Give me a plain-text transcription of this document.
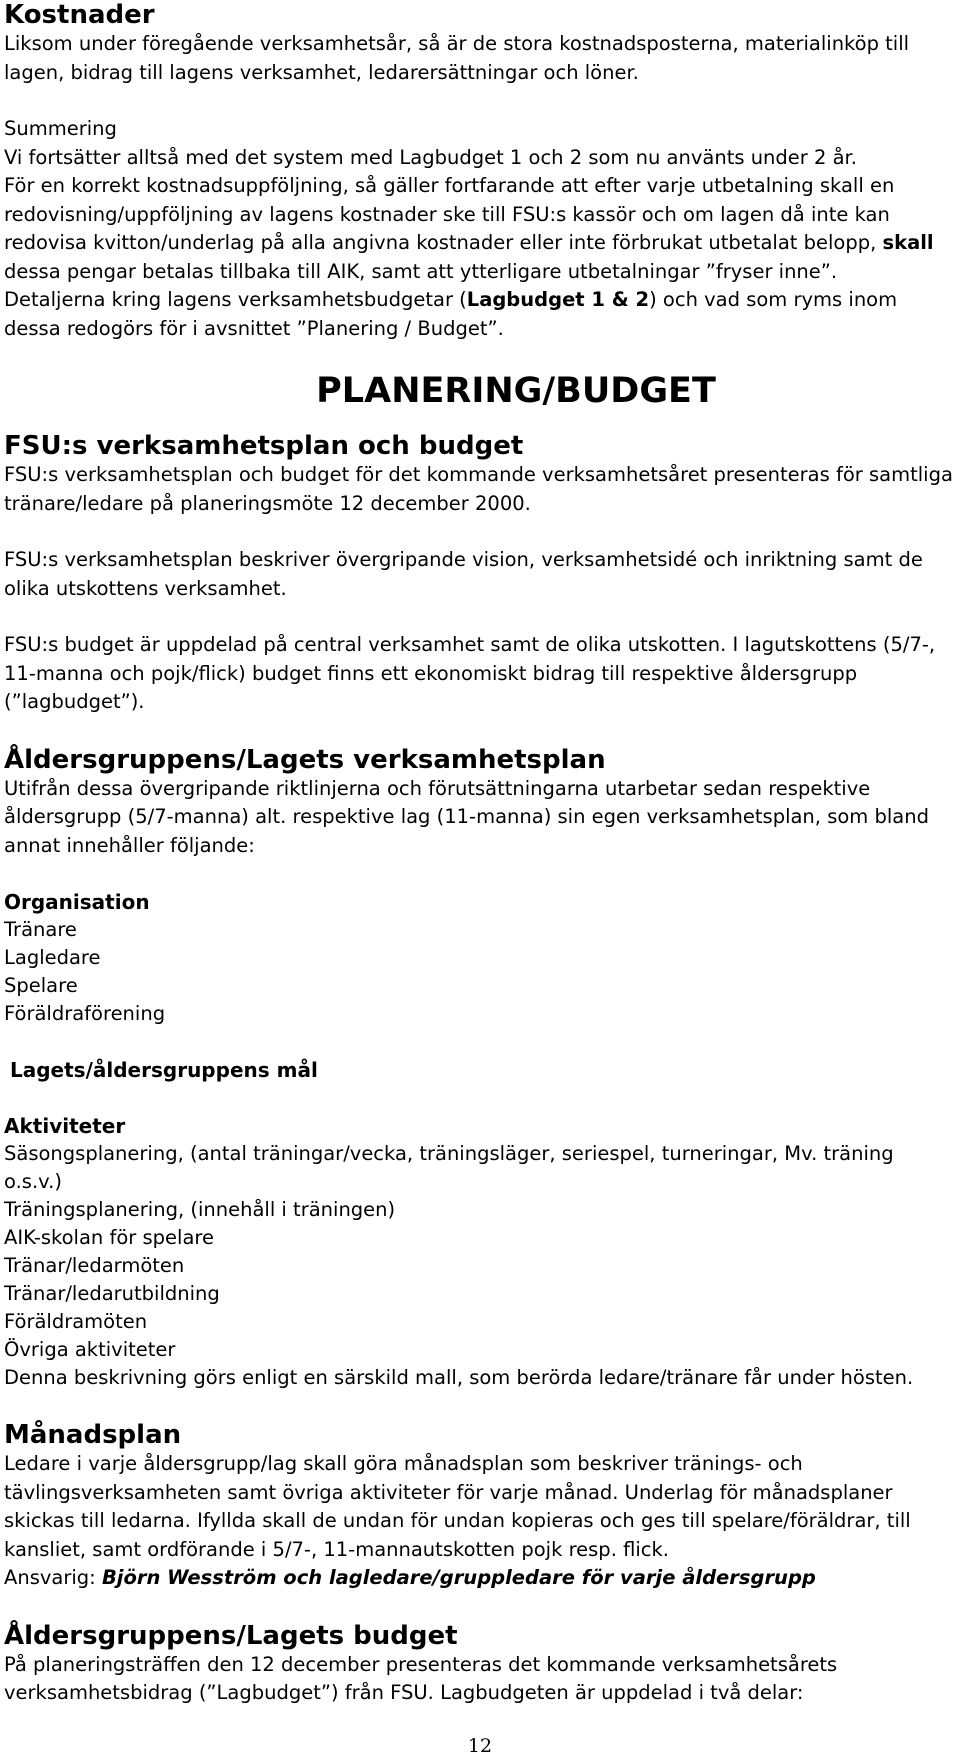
Kostnader

Liksom under föregående verksamhetsår, så är de stora kostnadsposterna, materialinköp till lagen, bidrag till lagens verksamhet, ledarersättningar och löner.

Summering

Vi fortsätter alltså med det system med Lagbudget 1 och 2 som nu använts under 2 år.

För en korrekt kostnadsuppföljning, så gäller fortfarande att efter varje utbetalning skall en redovisning/uppföljning av lagens kostnader ske till FSU:s kassör och om lagen då inte kan redovisa kvitton/underlag på alla angivna kostnader eller inte förbrukat utbetalat belopp, skall dessa pengar betalas tillbaka till AIK, samt att ytterligare utbetalningar ”fryser inne”.

Detaljerna kring lagens verksamhetsbudgetar (Lagbudget 1 & 2) och vad som ryms inom dessa redogörs för i avsnittet ”Planering / Budget”.

PLANERING/BUDGET
FSU:s verksamhetsplan och budget

FSU:s verksamhetsplan och budget för det kommande verksamhetsåret presenteras för samtliga tränare/ledare på planeringsmöte 12 december 2000.

FSU:s verksamhetsplan beskriver övergripande vision, verksamhetsidé och inriktning samt de olika utskottens verksamhet.

FSU:s budget är uppdelad på central verksamhet samt de olika utskotten. I lagutskottens (5/7-, 11-manna och pojk/flick) budget finns ett ekonomiskt bidrag till respektive åldersgrupp (”lagbudget”).

Åldersgruppens/Lagets verksamhetsplan

Utifrån dessa övergripande riktlinjerna och förutsättningarna utarbetar sedan respektive åldersgrupp (5/7-manna) alt. respektive lag (11-manna) sin egen verksamhetsplan, som bland annat innehåller följande:

Organisation

Tränare

Lagledare

Spelare

Föräldraförening

Lagets/åldersgruppens mål

Aktiviteter

Säsongsplanering, (antal träningar/vecka, träningsläger, seriespel, turneringar, Mv. träning o.s.v.)

Träningsplanering, (innehåll i träningen)

AIK-skolan för spelare

Tränar/ledarmöten

Tränar/ledarutbildning

Föräldramöten

Övriga aktiviteter

Denna beskrivning görs enligt en särskild mall, som berörda ledare/tränare får under hösten.

Månadsplan

Ledare i varje åldersgrupp/lag skall göra månadsplan som beskriver tränings- och tävlingsverksamheten samt övriga aktiviteter för varje månad. Underlag för månadsplaner skickas till ledarna. Ifyllda skall de undan för undan kopieras och ges till spelare/föräldrar, till kansliet, samt ordförande i 5/7-, 11-mannautskotten pojk resp. flick.

Ansvarig: Björn Wesström och lagledare/gruppledare för varje åldersgrupp

Åldersgruppens/Lagets budget

På planeringsträffen den 12 december presenteras det kommande verksamhetsårets verksamhetsbidrag (”Lagbudget”) från FSU. Lagbudgeten är uppdelad i två delar:

12
